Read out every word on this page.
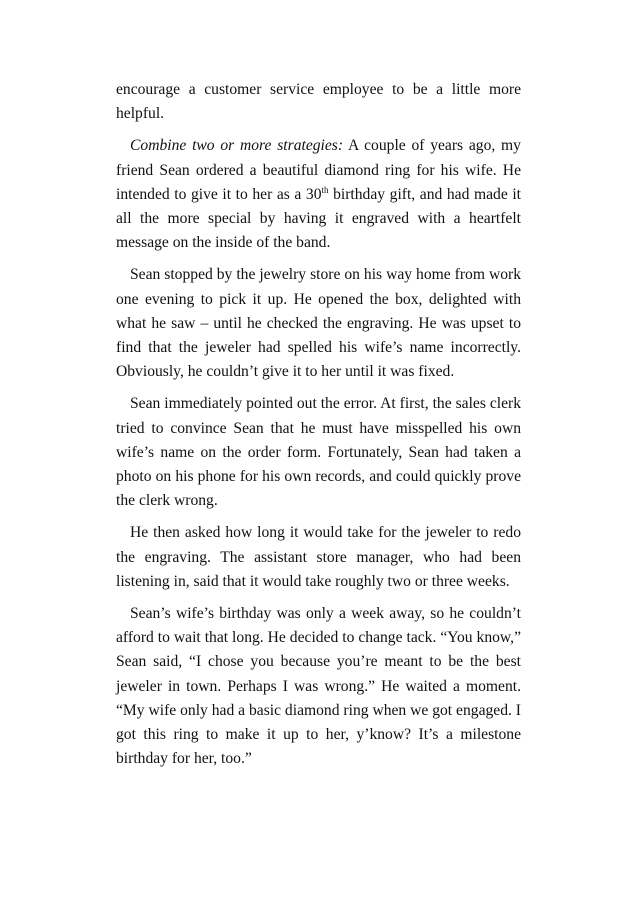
encourage a customer service employee to be a little more helpful.

Combine two or more strategies: A couple of years ago, my friend Sean ordered a beautiful diamond ring for his wife. He intended to give it to her as a 30th birthday gift, and had made it all the more special by having it engraved with a heartfelt message on the inside of the band.

Sean stopped by the jewelry store on his way home from work one evening to pick it up. He opened the box, delighted with what he saw – until he checked the engraving. He was upset to find that the jeweler had spelled his wife’s name incorrectly. Obviously, he couldn’t give it to her until it was fixed.

Sean immediately pointed out the error. At first, the sales clerk tried to convince Sean that he must have misspelled his own wife’s name on the order form. Fortunately, Sean had taken a photo on his phone for his own records, and could quickly prove the clerk wrong.

He then asked how long it would take for the jeweler to redo the engraving. The assistant store manager, who had been listening in, said that it would take roughly two or three weeks.

Sean’s wife’s birthday was only a week away, so he couldn’t afford to wait that long. He decided to change tack. “You know,” Sean said, “I chose you because you’re meant to be the best jeweler in town. Perhaps I was wrong.” He waited a moment. “My wife only had a basic diamond ring when we got engaged. I got this ring to make it up to her, y’know? It’s a milestone birthday for her, too.”
